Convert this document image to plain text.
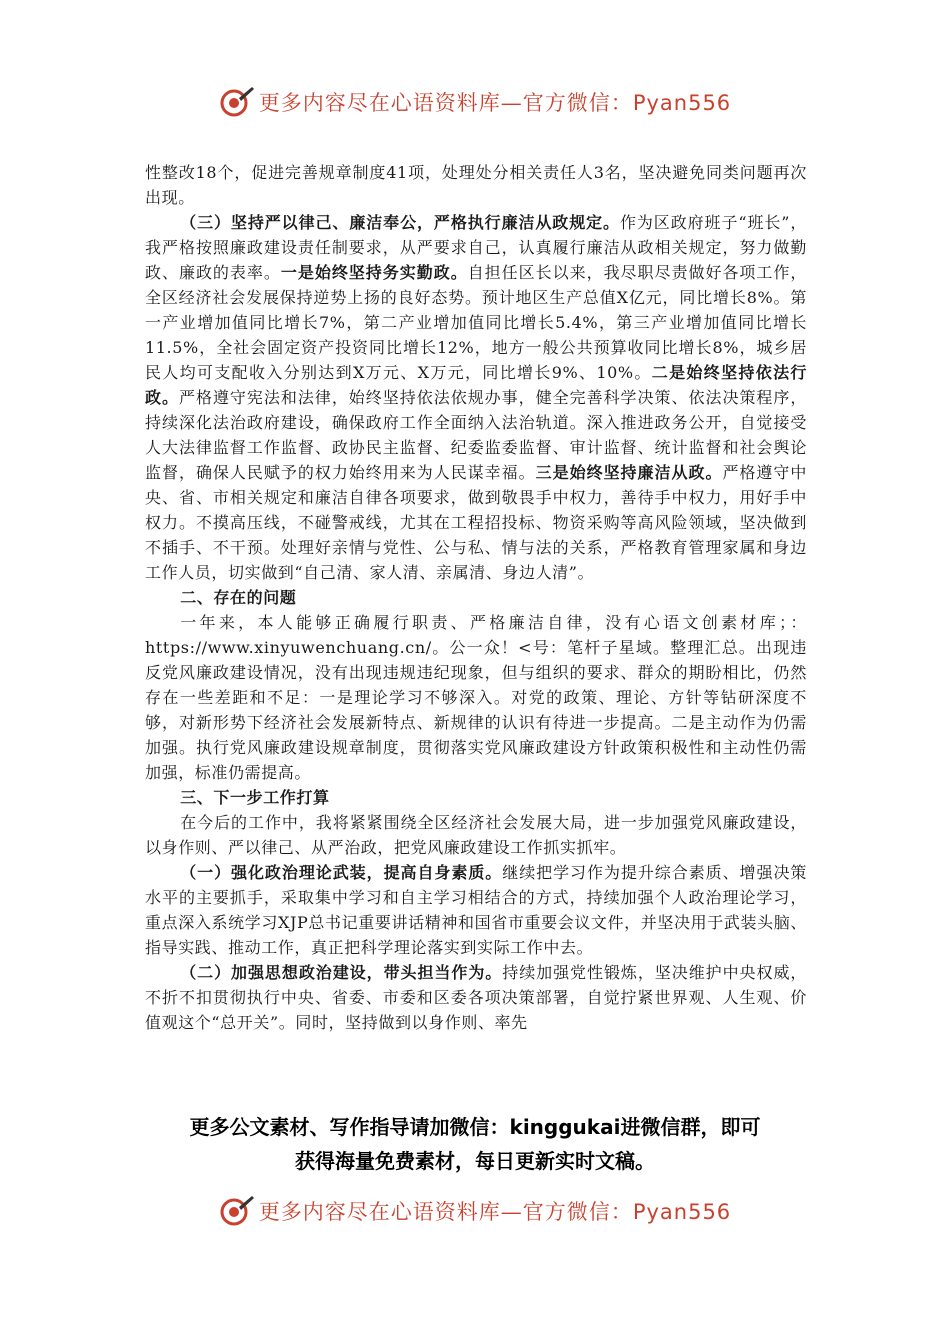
更多内容尽在心语资料库—官方微信：Pyan556

性整改18个，促进完善规章制度41项，处理处分相关责任人3名，坚决避免同类问题再次出现。

（三）坚持严以律己、廉洁奉公，严格执行廉洁从政规定。作为区政府班子“班长”，我严格按照廉政建设责任制要求，从严要求自己，认真履行廉洁从政相关规定，努力做勤政、廉政的表率。一是始终坚持务实勤政。自担任区长以来，我尽职尽责做好各项工作，全区经济社会发展保持逆势上扬的良好态势。预计地区生产总值X亿元，同比增长8%。第一产业增加值同比增长7%，第二产业增加值同比增长5.4%，第三产业增加值同比增长11.5%，全社会固定资产投资同比增长12%，地方一般公共预算收同比增长8%，城乡居民人均可支配收入分别达到X万元、X万元，同比增长9%、10%。二是始终坚持依法行政。严格遵守宪法和法律，始终坚持依法依规办事，健全完善科学决策、依法决策程序，持续深化法治政府建设，确保政府工作全面纳入法治轨道。深入推进政务公开，自觉接受人大法律监督工作监督、政协民主监督、纪委监委监督、审计监督、统计监督和社会舆论监督，确保人民赋予的权力始终用来为人民谋幸福。三是始终坚持廉洁从政。严格遵守中央、省、市相关规定和廉洁自律各项要求，做到敬畏手中权力，善待手中权力，用好手中权力。不摸高压线，不碰警戒线，尤其在工程招投标、物资采购等高风险领域，坚决做到不插手、不干预。处理好亲情与党性、公与私、情与法的关系，严格教育管理家属和身边工作人员，切实做到“自己清、家人清、亲属清、身边人清”。

二、存在的问题

一年来，本人能够正确履行职责、严格廉洁自律，没有心语文创素材库；：https://www.xinyuwenchuang.cn/。公一众！<号：笔杆子星域。整理汇总。出现违反党风廉政建设情况，没有出现违规违纪现象，但与组织的要求、群众的期盼相比，仍然存在一些差距和不足：一是理论学习不够深入。对党的政策、理论、方针等钻研深度不够，对新形势下经济社会发展新特点、新规律的认识有待进一步提高。二是主动作为仍需加强。执行党风廉政建设规章制度，贯彻落实党风廉政建设方针政策积极性和主动性仍需加强，标准仍需提高。

三、下一步工作打算

在今后的工作中，我将紧紧围绕全区经济社会发展大局，进一步加强党风廉政建设，以身作则、严以律己、从严治政，把党风廉政建设工作抓实抓牢。

（一）强化政治理论武装，提高自身素质。继续把学习作为提升综合素质、增强决策水平的主要抓手，采取集中学习和自主学习相结合的方式，持续加强个人政治理论学习，重点深入系统学习XJP总书记重要讲话精神和国省市重要会议文件，并坚决用于武装头脑、指导实践、推动工作，真正把科学理论落实到实际工作中去。

（二）加强思想政治建设，带头担当作为。持续加强党性锻炼，坚决维护中央权威，不折不扣贯彻执行中央、省委、市委和区委各项决策部署，自觉拧紧世界观、人生观、价值观这个“总开关”。同时，坚持做到以身作则、率先

更多公文素材、写作指导请加微信：kinggukai进微信群，即可
获得海量免费素材，每日更新实时文稿。
更多内容尽在心语资料库—官方微信：Pyan556
